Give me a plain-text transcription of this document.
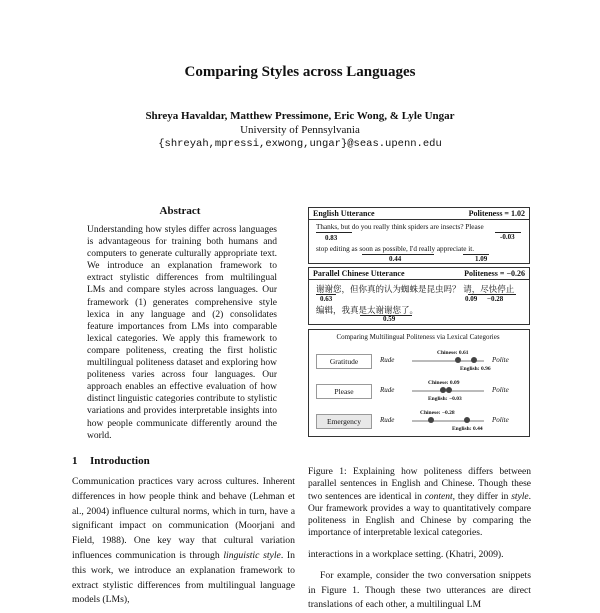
Comparing Styles across Languages
Shreya Havaldar, Matthew Pressimone, Eric Wong, & Lyle Ungar
University of Pennsylvania
{shreyah,mpressi,exwong,ungar}@seas.upenn.edu
Abstract
Understanding how styles differ across languages is advantageous for training both humans and computers to generate culturally appropriate text. We introduce an explanation framework to extract stylistic differences from multilingual LMs and compare styles across languages. Our framework (1) generates comprehensive style lexica in any language and (2) consolidates feature importances from LMs into comparable lexical categories. We apply this framework to compare politeness, creating the first holistic multilingual politeness dataset and exploring how politeness varies across four languages. Our approach enables an effective evaluation of how distinct linguistic categories contribute to stylistic variations and provides interpretable insights into how people communicate differently around the world.
1 Introduction
Communication practices vary across cultures. Inherent differences in how people think and behave (Lehman et al., 2004) influence cultural norms, which in turn, have a significant impact on communication (Moorjani and Field, 1988). One key way that cultural variation influences communication is through linguistic style. In this work, we introduce an explanation framework to extract stylistic differences from multilingual language models (LMs),
English Utterance	Politeness = 1.02
Thanks, but do you really think spiders are insects? Please
0.83	-0.03
stop editing as soon as possible, I'd really appreciate it.
0.44	1.09
Parallel Chinese Utterance	Politeness = −0.26
谢谢您，但你真的认为蜘蛛是昆虫吗？ 请，尽快停止
0.63	0.09 −0.28
编辑，我真是太谢谢您了。
0.59
Comparing Multilingual Politeness via Lexical Categories
Gratitude	Rude	Polite
Chinese: 0.61
English: 0.96
Please	Rude	Polite
Chinese: 0.09
English: −0.03
Emergency	Rude	Polite
Chinese: −0.28
English: 0.44
Figure 1: Explaining how politeness differs between parallel sentences in English and Chinese. Though these two sentences are identical in content, they differ in style. Our framework provides a way to quantitatively compare politeness in English and Chinese by comparing the importance of interpretable lexical categories.
interactions in a workplace setting. (Khatri, 2009).
For example, consider the two conversation snippets in Figure 1. Though these two utterances are direct translations of each other, a multilingual LM
